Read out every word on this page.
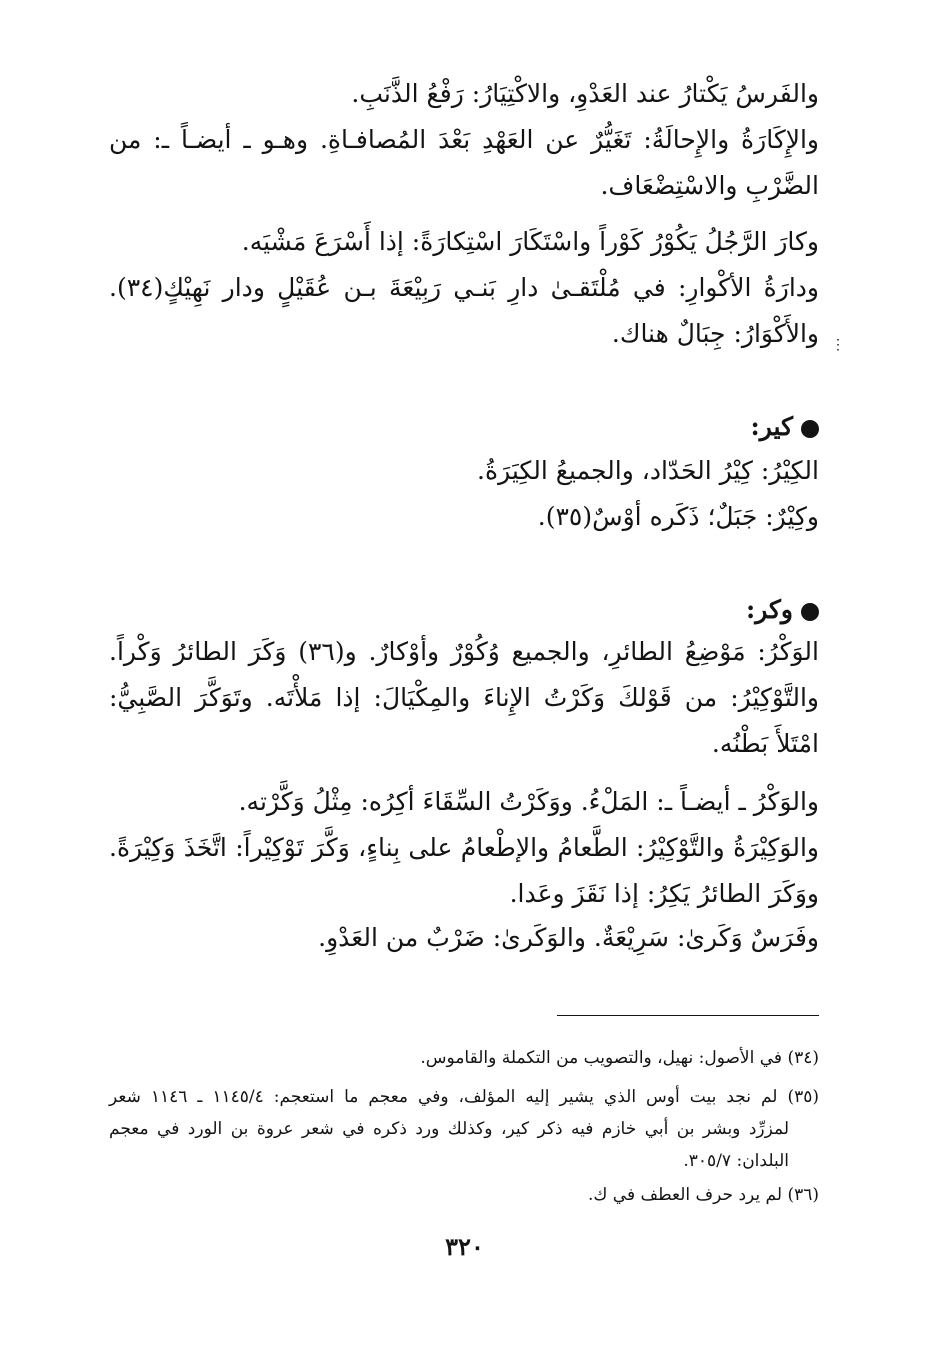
والفَرسُ يَكْتارُ عند العَدْوِ، والاكْتِيَارُ: رَفْعُ الذَّنَبِ.
والإِكَارَةُ والإِحالَةُ: تَغَيُّرٌ عن العَهْدِ بَعْدَ المُصافـاةِ. وهـو ـ أيضـاً ـ: من
الضَّرْبِ والاسْتِضْعَاف.
وكارَ الرَّجُلُ يَكُوْرُ كَوْراً واسْتَكَارَ اسْتِكارَةً: إذا أَسْرَعَ مَشْيَه.
ودارَةُ الأكْوارِ: في مُلْتَقـىٰ دارِ بَنـي رَبِيْعَةَ بـن عُقَيْلٍ ودار نَهِيْكٍ(٣٤).
والأَكْوَارُ: جِبَالٌ هناك. ⋮
كير:
الكِيْرُ: كِيْرُ الحَدّاد، والجميعُ الكِيَرَةُ.
وكِيْرٌ: جَبَلٌ؛ ذَكَره أوْسٌ(٣٥).
وكر:
الوَكْرُ: مَوْضِعُ الطائرِ، والجميع وُكُوْرٌ وأوْكارٌ. و(٣٦) وَكَرَ الطائرُ وَكْراً.
والتَّوْكِيْرُ: من قَوْلكَ وَكَرْتُ الإِناءَ والمِكْيَالَ: إذا مَلأْتَه. وتَوَكَّرَ الصَّبِيُّ:
امْتَلأَ بَطْنُه.
والوَكْرُ ـ أيضـاً ـ: المَلْءُ. ووَكَرْتُ السِّقَاءَ أكِرُه: مِثْلُ وَكَّرْته.
والوَكِيْرَةُ والتَّوْكِيْرُ: الطَّعامُ والإطْعامُ على بِناءٍ، وَكَّرَ تَوْكِيْراً: اتَّخَذَ وَكِيْرَةً.
ووَكَرَ الطائرُ يَكِرُ: إذا نَقَزَ وعَدا.
وفَرَسٌ وَكَرىٰ: سَرِيْعَةٌ. والوَكَرىٰ: ضَرْبٌ من العَدْوِ.
(٣٤) في الأصول: نهيل، والتصويب من التكملة والقاموس.
(٣٥) لم نجد بيت أوس الذي يشير إليه المؤلف، وفي معجم ما استعجم: ١١٤٥/٤ ـ ١١٤٦ شعر
لمزرِّد وبشر بن أبي خازم فيه ذكر كير، وكذلك ورد ذكره في شعر عروة بن الورد في معجم
البلدان: ٣٠٥/٧.
(٣٦) لم يرد حرف العطف في ك.
٣٢٠
